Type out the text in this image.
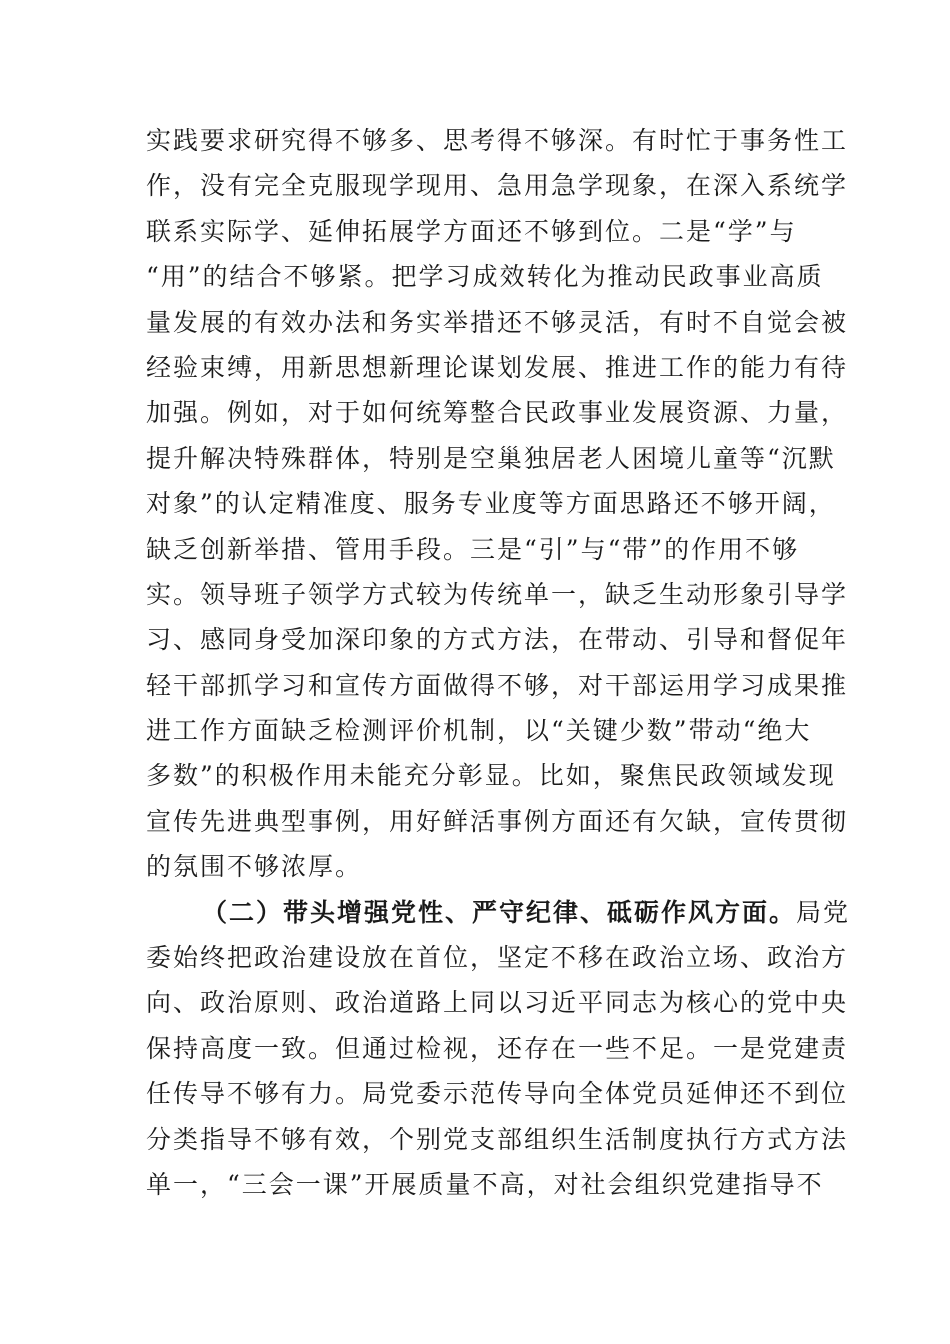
实践要求研究得不够多、思考得不够深。有时忙于事务性工
作，没有完全克服现学现用、急用急学现象，在深入系统学
联系实际学、延伸拓展学方面还不够到位。二是“学”与
“用”的结合不够紧。把学习成效转化为推动民政事业高质
量发展的有效办法和务实举措还不够灵活，有时不自觉会被
经验束缚，用新思想新理论谋划发展、推进工作的能力有待
加强。例如，对于如何统筹整合民政事业发展资源、力量，
提升解决特殊群体，特别是空巢独居老人困境儿童等“沉默
对象”的认定精准度、服务专业度等方面思路还不够开阔，
缺乏创新举措、管用手段。三是“引”与“带”的作用不够
实。领导班子领学方式较为传统单一，缺乏生动形象引导学
习、感同身受加深印象的方式方法，在带动、引导和督促年
轻干部抓学习和宣传方面做得不够，对干部运用学习成果推
进工作方面缺乏检测评价机制，以“关键少数”带动“绝大
多数”的积极作用未能充分彰显。比如，聚焦民政领域发现
宣传先进典型事例，用好鲜活事例方面还有欠缺，宣传贯彻
的氛围不够浓厚。
（二）带头增强党性、严守纪律、砥砺作风方面。局党
委始终把政治建设放在首位，坚定不移在政治立场、政治方
向、政治原则、政治道路上同以习近平同志为核心的党中央
保持高度一致。但通过检视，还存在一些不足。一是党建责
任传导不够有力。局党委示范传导向全体党员延伸还不到位
分类指导不够有效，个别党支部组织生活制度执行方式方法
单一，“三会一课”开展质量不高，对社会组织党建指导不
